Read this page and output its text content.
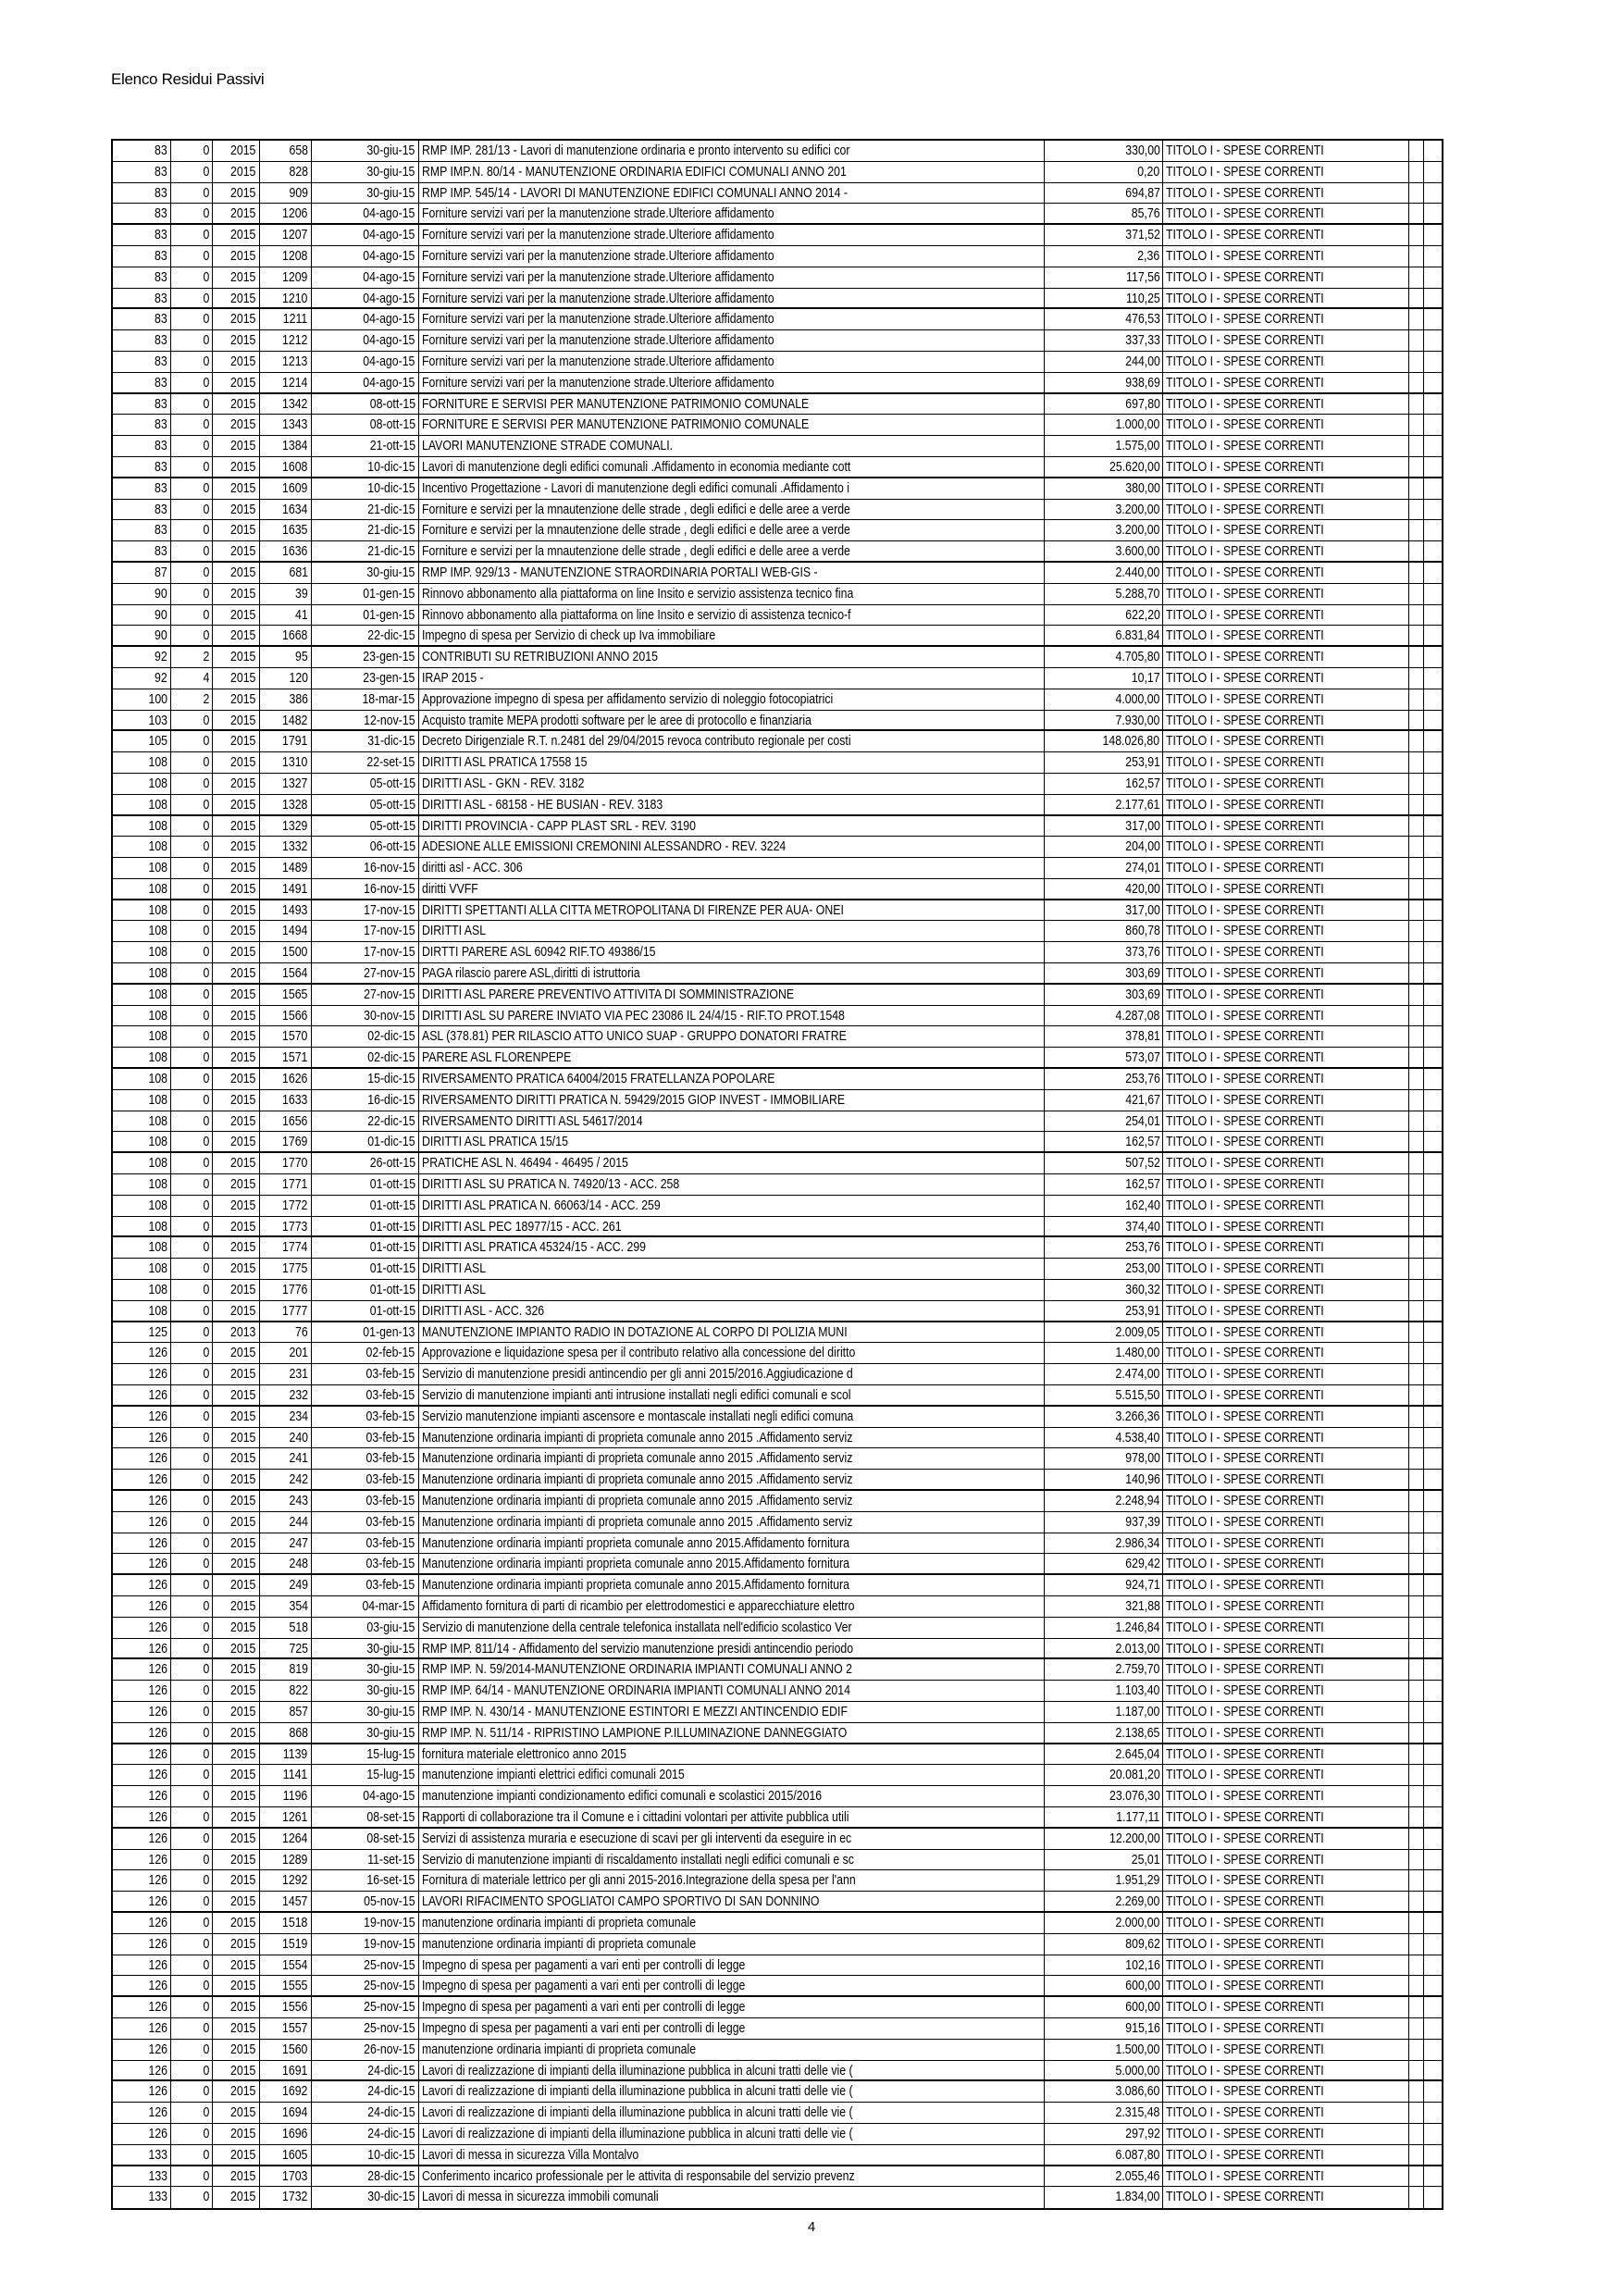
Elenco Residui Passivi
83	0	2015	658	30-giu-15 RMP IMP. 281/13 - Lavori di manutenzione ordinaria e pronto intervento su edifici cor	330,00 TITOLO I - SPESE CORRENTI
83	0	2015	828	30-giu-15 RMP IMP.N. 80/14 - MANUTENZIONE ORDINARIA EDIFICI COMUNALI ANNO 201	0,20 TITOLO I - SPESE CORRENTI
83	0	2015	909	30-giu-15 RMP IMP. 545/14 - LAVORI DI MANUTENZIONE EDIFICI COMUNALI ANNO 2014 -	694,87 TITOLO I - SPESE CORRENTI
83	0	2015	1206	04-ago-15 Forniture servizi vari per la manutenzione strade.Ulteriore affidamento	85,76 TITOLO I - SPESE CORRENTI
83	0	2015	1207	04-ago-15 Forniture servizi vari per la manutenzione strade.Ulteriore affidamento	371,52 TITOLO I - SPESE CORRENTI
83	0	2015	1208	04-ago-15 Forniture servizi vari per la manutenzione strade.Ulteriore affidamento	2,36 TITOLO I - SPESE CORRENTI
83	0	2015	1209	04-ago-15 Forniture servizi vari per la manutenzione strade.Ulteriore affidamento	117,56 TITOLO I - SPESE CORRENTI
83	0	2015	1210	04-ago-15 Forniture servizi vari per la manutenzione strade.Ulteriore affidamento	110,25 TITOLO I - SPESE CORRENTI
83	0	2015	1211	04-ago-15 Forniture servizi vari per la manutenzione strade.Ulteriore affidamento	476,53 TITOLO I - SPESE CORRENTI
83	0	2015	1212	04-ago-15 Forniture servizi vari per la manutenzione strade.Ulteriore affidamento	337,33 TITOLO I - SPESE CORRENTI
83	0	2015	1213	04-ago-15 Forniture servizi vari per la manutenzione strade.Ulteriore affidamento	244,00 TITOLO I - SPESE CORRENTI
83	0	2015	1214	04-ago-15 Forniture servizi vari per la manutenzione strade.Ulteriore affidamento	938,69 TITOLO I - SPESE CORRENTI
83	0	2015	1342	08-ott-15 FORNITURE E SERVISI PER MANUTENZIONE PATRIMONIO COMUNALE	697,80 TITOLO I - SPESE CORRENTI
83	0	2015	1343	08-ott-15 FORNITURE E SERVISI PER MANUTENZIONE PATRIMONIO COMUNALE	1.000,00 TITOLO I - SPESE CORRENTI
83	0	2015	1384	21-ott-15 LAVORI MANUTENZIONE STRADE COMUNALI.	1.575,00 TITOLO I - SPESE CORRENTI
83	0	2015	1608	10-dic-15 Lavori di manutenzione degli edifici comunali .Affidamento in economia mediante cott	25.620,00 TITOLO I - SPESE CORRENTI
83	0	2015	1609	10-dic-15 Incentivo Progettazione - Lavori di manutenzione degli edifici comunali .Affidamento i	380,00 TITOLO I - SPESE CORRENTI
83	0	2015	1634	21-dic-15 Forniture e servizi per la mnautenzione delle strade , degli edifici e delle aree a verde	3.200,00 TITOLO I - SPESE CORRENTI
83	0	2015	1635	21-dic-15 Forniture e servizi per la mnautenzione delle strade , degli edifici e delle aree a verde	3.200,00 TITOLO I - SPESE CORRENTI
83	0	2015	1636	21-dic-15 Forniture e servizi per la mnautenzione delle strade , degli edifici e delle aree a verde	3.600,00 TITOLO I - SPESE CORRENTI
87	0	2015	681	30-giu-15 RMP IMP. 929/13 - MANUTENZIONE STRAORDINARIA PORTALI WEB-GIS -	2.440,00 TITOLO I - SPESE CORRENTI
90	0	2015	39	01-gen-15 Rinnovo abbonamento alla piattaforma on line Insito e servizio assistenza tecnico fina	5.288,70 TITOLO I - SPESE CORRENTI
90	0	2015	41	01-gen-15 Rinnovo abbonamento alla piattaforma on line Insito e servizio di assistenza tecnico-f	622,20 TITOLO I - SPESE CORRENTI
90	0	2015	1668	22-dic-15 Impegno di spesa per Servizio di check up Iva immobiliare	6.831,84 TITOLO I - SPESE CORRENTI
92	2	2015	95	23-gen-15 CONTRIBUTI SU RETRIBUZIONI ANNO 2015	4.705,80 TITOLO I - SPESE CORRENTI
92	4	2015	120	23-gen-15 IRAP 2015 -	10,17 TITOLO I - SPESE CORRENTI
100	2	2015	386	18-mar-15 Approvazione impegno di spesa per affidamento servizio di noleggio fotocopiatrici	4.000,00 TITOLO I - SPESE CORRENTI
103	0	2015	1482	12-nov-15 Acquisto tramite MEPA prodotti software per le aree di protocollo e finanziaria	7.930,00 TITOLO I - SPESE CORRENTI
105	0	2015	1791	31-dic-15 Decreto Dirigenziale R.T. n.2481 del 29/04/2015 revoca contributo regionale per costi	148.026,80 TITOLO I - SPESE CORRENTI
108	0	2015	1310	22-set-15 DIRITTI ASL PRATICA 17558 15	253,91 TITOLO I - SPESE CORRENTI
108	0	2015	1327	05-ott-15 DIRITTI ASL - GKN - REV. 3182	162,57 TITOLO I - SPESE CORRENTI
108	0	2015	1328	05-ott-15 DIRITTI ASL - 68158 - HE BUSIAN - REV. 3183	2.177,61 TITOLO I - SPESE CORRENTI
108	0	2015	1329	05-ott-15 DIRITTI PROVINCIA - CAPP PLAST SRL - REV. 3190	317,00 TITOLO I - SPESE CORRENTI
108	0	2015	1332	06-ott-15 ADESIONE ALLE EMISSIONI CREMONINI ALESSANDRO - REV. 3224	204,00 TITOLO I - SPESE CORRENTI
108	0	2015	1489	16-nov-15 diritti asl - ACC. 306	274,01 TITOLO I - SPESE CORRENTI
108	0	2015	1491	16-nov-15 diritti VVFF	420,00 TITOLO I - SPESE CORRENTI
108	0	2015	1493	17-nov-15 DIRITTI SPETTANTI ALLA CITTA METROPOLITANA DI FIRENZE PER AUA- ONEI	317,00 TITOLO I - SPESE CORRENTI
108	0	2015	1494	17-nov-15 DIRITTI ASL	860,78 TITOLO I - SPESE CORRENTI
108	0	2015	1500	17-nov-15 DIRTTI PARERE ASL 60942 RIF.TO 49386/15	373,76 TITOLO I - SPESE CORRENTI
108	0	2015	1564	27-nov-15 PAGA rilascio parere ASL,diritti di istruttoria	303,69 TITOLO I - SPESE CORRENTI
108	0	2015	1565	27-nov-15 DIRITTI ASL PARERE PREVENTIVO ATTIVITA DI SOMMINISTRAZIONE	303,69 TITOLO I - SPESE CORRENTI
108	0	2015	1566	30-nov-15 DIRITTI ASL SU PARERE INVIATO VIA PEC 23086 IL 24/4/15 - RIF.TO PROT.1548	4.287,08 TITOLO I - SPESE CORRENTI
108	0	2015	1570	02-dic-15 ASL (378.81) PER RILASCIO ATTO UNICO SUAP - GRUPPO DONATORI FRATRE	378,81 TITOLO I - SPESE CORRENTI
108	0	2015	1571	02-dic-15 PARERE ASL FLORENPEPE	573,07 TITOLO I - SPESE CORRENTI
108	0	2015	1626	15-dic-15 RIVERSAMENTO PRATICA 64004/2015 FRATELLANZA POPOLARE	253,76 TITOLO I - SPESE CORRENTI
108	0	2015	1633	16-dic-15 RIVERSAMENTO DIRITTI PRATICA N. 59429/2015 GIOP INVEST - IMMOBILIARE	421,67 TITOLO I - SPESE CORRENTI
108	0	2015	1656	22-dic-15 RIVERSAMENTO DIRITTI ASL 54617/2014	254,01 TITOLO I - SPESE CORRENTI
108	0	2015	1769	01-dic-15 DIRITTI ASL PRATICA 15/15	162,57 TITOLO I - SPESE CORRENTI
108	0	2015	1770	26-ott-15 PRATICHE ASL N. 46494 - 46495 / 2015	507,52 TITOLO I - SPESE CORRENTI
108	0	2015	1771	01-ott-15 DIRITTI ASL SU PRATICA N. 74920/13 - ACC. 258	162,57 TITOLO I - SPESE CORRENTI
108	0	2015	1772	01-ott-15 DIRITTI ASL PRATICA N. 66063/14 - ACC. 259	162,40 TITOLO I - SPESE CORRENTI
108	0	2015	1773	01-ott-15 DIRITTI ASL PEC 18977/15 - ACC. 261	374,40 TITOLO I - SPESE CORRENTI
108	0	2015	1774	01-ott-15 DIRITTI ASL PRATICA 45324/15 - ACC. 299	253,76 TITOLO I - SPESE CORRENTI
108	0	2015	1775	01-ott-15 DIRITTI ASL	253,00 TITOLO I - SPESE CORRENTI
108	0	2015	1776	01-ott-15 DIRITTI ASL	360,32 TITOLO I - SPESE CORRENTI
108	0	2015	1777	01-ott-15 DIRITTI ASL - ACC. 326	253,91 TITOLO I - SPESE CORRENTI
125	0	2013	76	01-gen-13 MANUTENZIONE IMPIANTO RADIO IN DOTAZIONE AL CORPO DI POLIZIA MUNI	2.009,05 TITOLO I - SPESE CORRENTI
126	0	2015	201	02-feb-15 Approvazione e liquidazione spesa per il contributo relativo alla concessione del diritto	1.480,00 TITOLO I - SPESE CORRENTI
126	0	2015	231	03-feb-15 Servizio di manutenzione presidi antincendio per gli anni 2015/2016.Aggiudicazione d	2.474,00 TITOLO I - SPESE CORRENTI
126	0	2015	232	03-feb-15 Servizio di manutenzione impianti anti intrusione installati negli edifici comunali e scol	5.515,50 TITOLO I - SPESE CORRENTI
126	0	2015	234	03-feb-15 Servizio manutenzione impianti ascensore e montascale installati negli edifici comuna	3.266,36 TITOLO I - SPESE CORRENTI
126	0	2015	240	03-feb-15 Manutenzione ordinaria impianti di proprieta comunale anno 2015 .Affidamento serviz	4.538,40 TITOLO I - SPESE CORRENTI
126	0	2015	241	03-feb-15 Manutenzione ordinaria impianti di proprieta comunale anno 2015 .Affidamento serviz	978,00 TITOLO I - SPESE CORRENTI
126	0	2015	242	03-feb-15 Manutenzione ordinaria impianti di proprieta comunale anno 2015 .Affidamento serviz	140,96 TITOLO I - SPESE CORRENTI
126	0	2015	243	03-feb-15 Manutenzione ordinaria impianti di proprieta comunale anno 2015 .Affidamento serviz	2.248,94 TITOLO I - SPESE CORRENTI
126	0	2015	244	03-feb-15 Manutenzione ordinaria impianti di proprieta comunale anno 2015 .Affidamento serviz	937,39 TITOLO I - SPESE CORRENTI
126	0	2015	247	03-feb-15 Manutenzione ordinaria impianti proprieta comunale anno 2015.Affidamento fornitura	2.986,34 TITOLO I - SPESE CORRENTI
126	0	2015	248	03-feb-15 Manutenzione ordinaria impianti proprieta comunale anno 2015.Affidamento fornitura	629,42 TITOLO I - SPESE CORRENTI
126	0	2015	249	03-feb-15 Manutenzione ordinaria impianti proprieta comunale anno 2015.Affidamento fornitura	924,71 TITOLO I - SPESE CORRENTI
126	0	2015	354	04-mar-15 Affidamento fornitura di parti di ricambio per elettrodomestici e apparecchiature elettro	321,88 TITOLO I - SPESE CORRENTI
126	0	2015	518	03-giu-15 Servizio di manutenzione della centrale telefonica installata nell'edificio scolastico Ver	1.246,84 TITOLO I - SPESE CORRENTI
126	0	2015	725	30-giu-15 RMP IMP. 811/14 - Affidamento del servizio manutenzione presidi antincendio periodo	2.013,00 TITOLO I - SPESE CORRENTI
126	0	2015	819	30-giu-15 RMP IMP. N. 59/2014-MANUTENZIONE ORDINARIA IMPIANTI COMUNALI ANNO 2	2.759,70 TITOLO I - SPESE CORRENTI
126	0	2015	822	30-giu-15 RMP IMP. 64/14 - MANUTENZIONE ORDINARIA IMPIANTI COMUNALI ANNO 2014	1.103,40 TITOLO I - SPESE CORRENTI
126	0	2015	857	30-giu-15 RMP IMP. N. 430/14 - MANUTENZIONE ESTINTORI E MEZZI ANTINCENDIO EDIF	1.187,00 TITOLO I - SPESE CORRENTI
126	0	2015	868	30-giu-15 RMP IMP. N. 511/14 - RIPRISTINO LAMPIONE P.ILLUMINAZIONE DANNEGGIATO	2.138,65 TITOLO I - SPESE CORRENTI
126	0	2015	1139	15-lug-15 fornitura materiale elettronico anno 2015	2.645,04 TITOLO I - SPESE CORRENTI
126	0	2015	1141	15-lug-15 manutenzione impianti elettrici edifici comunali 2015	20.081,20 TITOLO I - SPESE CORRENTI
126	0	2015	1196	04-ago-15 manutenzione impianti condizionamento edifici comunali e scolastici 2015/2016	23.076,30 TITOLO I - SPESE CORRENTI
126	0	2015	1261	08-set-15 Rapporti di collaborazione tra il Comune e i cittadini volontari per attivite pubblica utili	1.177,11 TITOLO I - SPESE CORRENTI
126	0	2015	1264	08-set-15 Servizi di assistenza muraria e esecuzione di scavi per gli interventi da eseguire in ec	12.200,00 TITOLO I - SPESE CORRENTI
126	0	2015	1289	11-set-15 Servizio di manutenzione impianti di riscaldamento installati negli edifici comunali e sc	25,01 TITOLO I - SPESE CORRENTI
126	0	2015	1292	16-set-15 Fornitura di materiale lettrico per gli anni 2015-2016.Integrazione della spesa per l'ann	1.951,29 TITOLO I - SPESE CORRENTI
126	0	2015	1457	05-nov-15 LAVORI RIFACIMENTO SPOGLIATOI CAMPO SPORTIVO DI SAN DONNINO	2.269,00 TITOLO I - SPESE CORRENTI
126	0	2015	1518	19-nov-15 manutenzione ordinaria impianti di proprieta comunale	2.000,00 TITOLO I - SPESE CORRENTI
126	0	2015	1519	19-nov-15 manutenzione ordinaria impianti di proprieta comunale	809,62 TITOLO I - SPESE CORRENTI
126	0	2015	1554	25-nov-15 Impegno di spesa per pagamenti a vari enti per controlli di legge	102,16 TITOLO I - SPESE CORRENTI
126	0	2015	1555	25-nov-15 Impegno di spesa per pagamenti a vari enti per controlli di legge	600,00 TITOLO I - SPESE CORRENTI
126	0	2015	1556	25-nov-15 Impegno di spesa per pagamenti a vari enti per controlli di legge	600,00 TITOLO I - SPESE CORRENTI
126	0	2015	1557	25-nov-15 Impegno di spesa per pagamenti a vari enti per controlli di legge	915,16 TITOLO I - SPESE CORRENTI
126	0	2015	1560	26-nov-15 manutenzione ordinaria impianti di proprieta comunale	1.500,00 TITOLO I - SPESE CORRENTI
126	0	2015	1691	24-dic-15 Lavori di realizzazione di impianti della illuminazione pubblica in alcuni tratti delle vie (	5.000,00 TITOLO I - SPESE CORRENTI
126	0	2015	1692	24-dic-15 Lavori di realizzazione di impianti della illuminazione pubblica in alcuni tratti delle vie (	3.086,60 TITOLO I - SPESE CORRENTI
126	0	2015	1694	24-dic-15 Lavori di realizzazione di impianti della illuminazione pubblica in alcuni tratti delle vie (	2.315,48 TITOLO I - SPESE CORRENTI
126	0	2015	1696	24-dic-15 Lavori di realizzazione di impianti della illuminazione pubblica in alcuni tratti delle vie (	297,92 TITOLO I - SPESE CORRENTI
133	0	2015	1605	10-dic-15 Lavori di messa in sicurezza Villa Montalvo	6.087,80 TITOLO I - SPESE CORRENTI
133	0	2015	1703	28-dic-15 Conferimento incarico professionale per le attivita di responsabile del servizio prevenz	2.055,46 TITOLO I - SPESE CORRENTI
133	0	2015	1732	30-dic-15 Lavori di messa in sicurezza immobili comunali	1.834,00 TITOLO I - SPESE CORRENTI
4
